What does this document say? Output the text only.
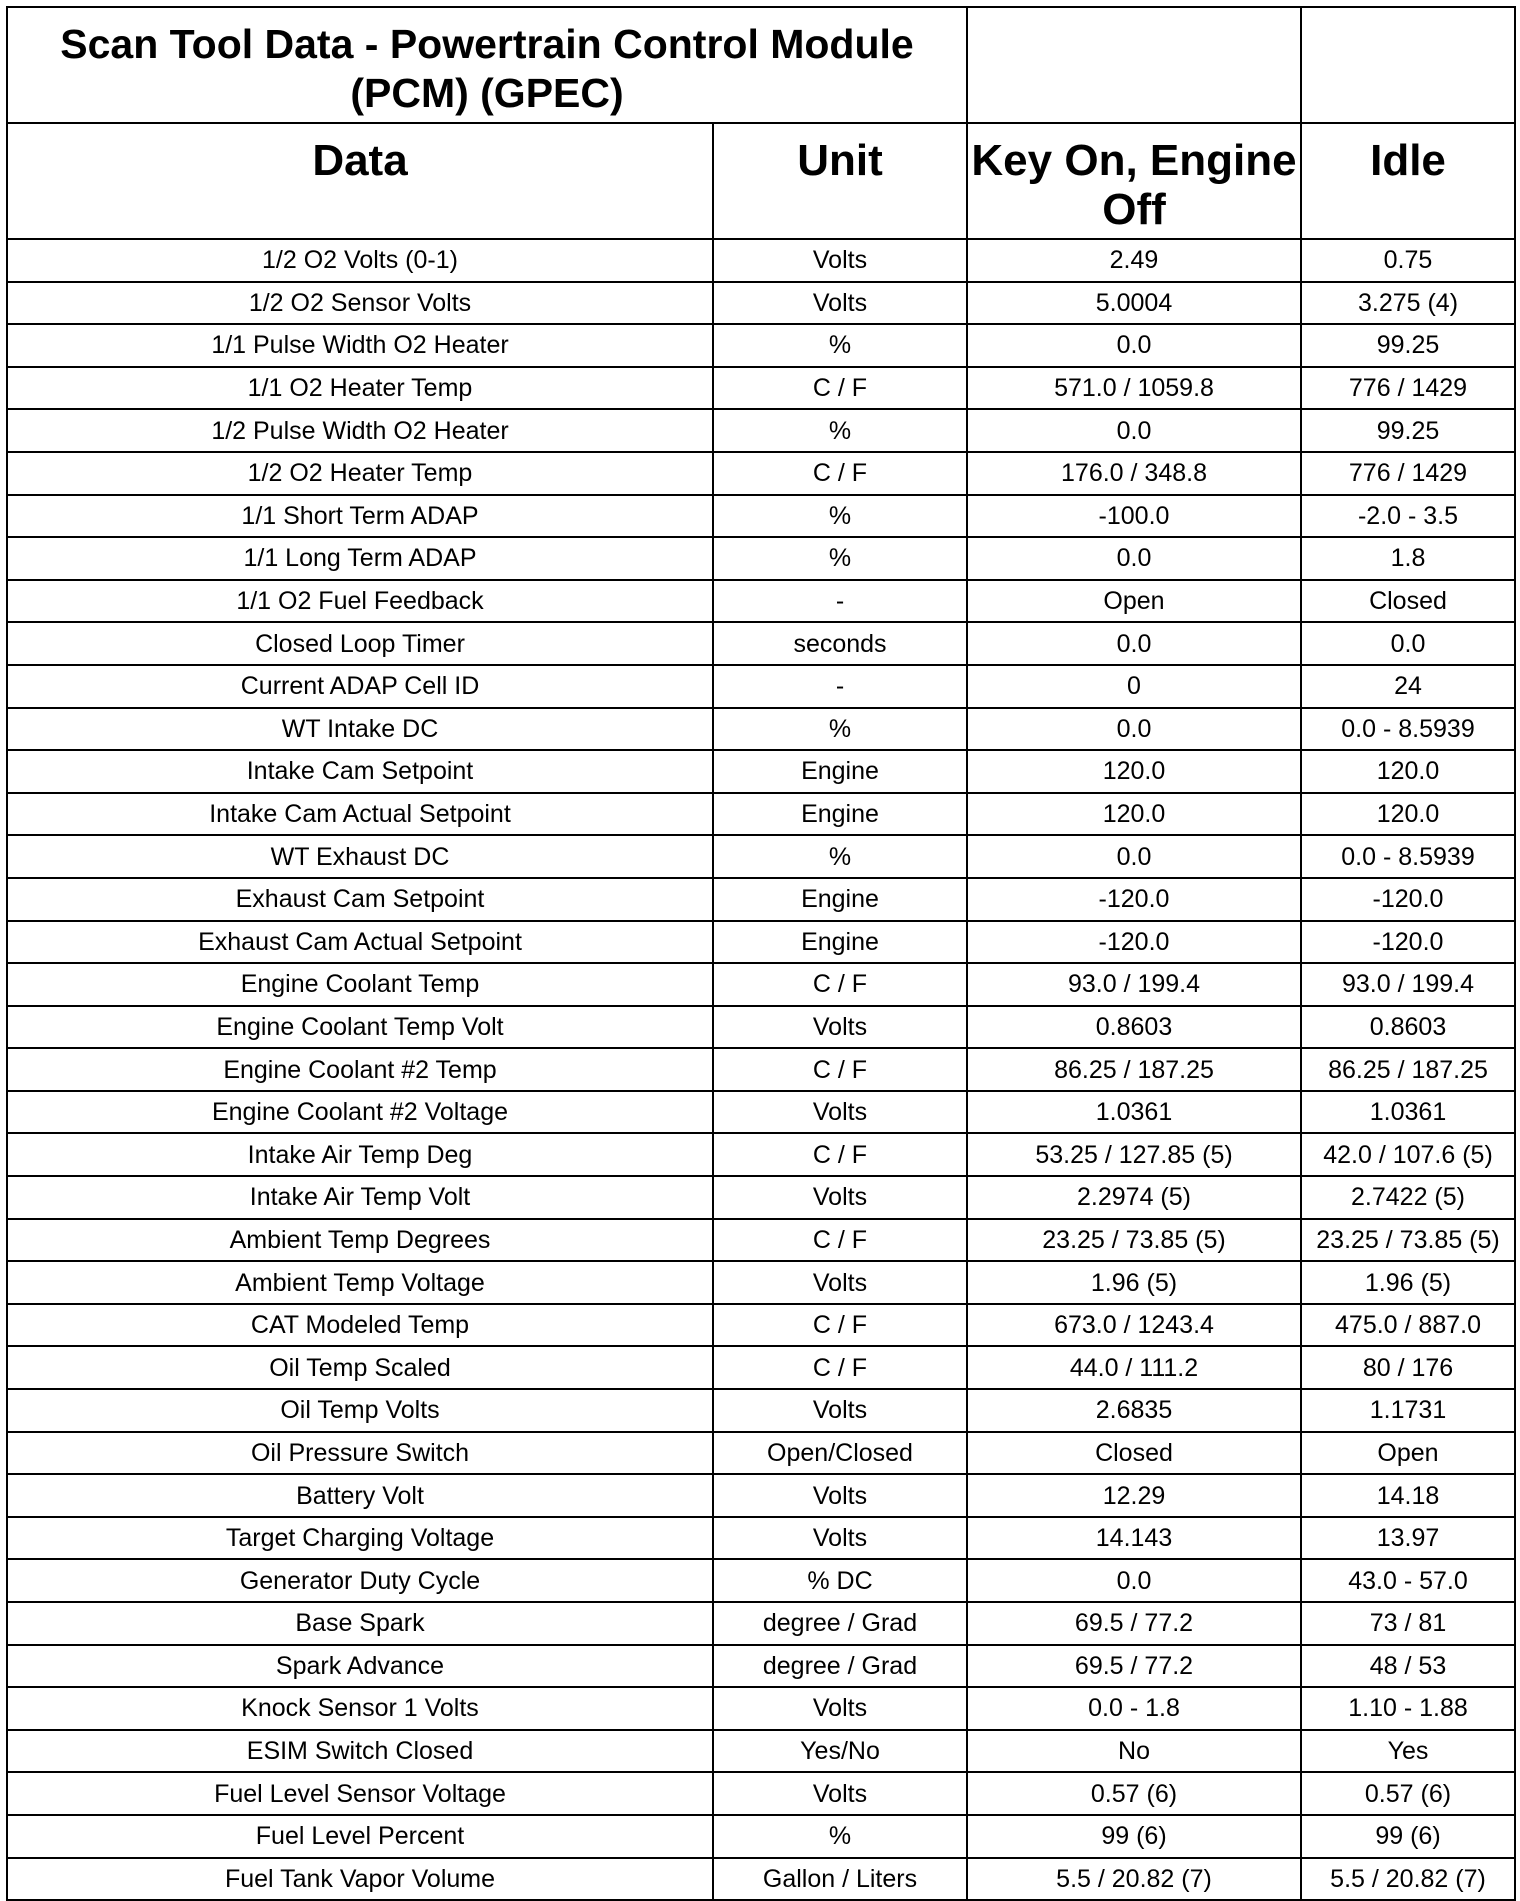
Scan Tool Data - Powertrain Control Module (PCM) (GPEC)			
Data	Unit	Key On, Engine Off	Idle
1/2 O2 Volts (0-1)	Volts	2.49	0.75
1/2 O2 Sensor Volts	Volts	5.0004	3.275 (4)
1/1 Pulse Width O2 Heater	%	0.0	99.25
1/1 O2 Heater Temp	C / F	571.0 / 1059.8	776 / 1429
1/2 Pulse Width O2 Heater	%	0.0	99.25
1/2 O2 Heater Temp	C / F	176.0 / 348.8	776 / 1429
1/1 Short Term ADAP	%	-100.0	-2.0 - 3.5
1/1 Long Term ADAP	%	0.0	1.8
1/1 O2 Fuel Feedback	-	Open	Closed
Closed Loop Timer	seconds	0.0	0.0
Current ADAP Cell ID	-	0	24
WT Intake DC	%	0.0	0.0 - 8.5939
Intake Cam Setpoint	Engine	120.0	120.0
Intake Cam Actual Setpoint	Engine	120.0	120.0
WT Exhaust DC	%	0.0	0.0 - 8.5939
Exhaust Cam Setpoint	Engine	-120.0	-120.0
Exhaust Cam Actual Setpoint	Engine	-120.0	-120.0
Engine Coolant Temp	C / F	93.0 / 199.4	93.0 / 199.4
Engine Coolant Temp Volt	Volts	0.8603	0.8603
Engine Coolant #2 Temp	C / F	86.25 / 187.25	86.25 / 187.25
Engine Coolant #2 Voltage	Volts	1.0361	1.0361
Intake Air Temp Deg	C / F	53.25 / 127.85 (5)	42.0 / 107.6 (5)
Intake Air Temp Volt	Volts	2.2974 (5)	2.7422 (5)
Ambient Temp Degrees	C / F	23.25 / 73.85 (5)	23.25 / 73.85 (5)
Ambient Temp Voltage	Volts	1.96 (5)	1.96 (5)
CAT Modeled Temp	C / F	673.0 / 1243.4	475.0 / 887.0
Oil Temp Scaled	C / F	44.0 / 111.2	80 / 176
Oil Temp Volts	Volts	2.6835	1.1731
Oil Pressure Switch	Open/Closed	Closed	Open
Battery Volt	Volts	12.29	14.18
Target Charging Voltage	Volts	14.143	13.97
Generator Duty Cycle	% DC	0.0	43.0 - 57.0
Base Spark	degree / Grad	69.5 / 77.2	73 / 81
Spark Advance	degree / Grad	69.5 / 77.2	48 / 53
Knock Sensor 1 Volts	Volts	0.0 - 1.8	1.10 - 1.88
ESIM Switch Closed	Yes/No	No	Yes
Fuel Level Sensor Voltage	Volts	0.57 (6)	0.57 (6)
Fuel Level Percent	%	99 (6)	99 (6)
Fuel Tank Vapor Volume	Gallon / Liters	5.5 / 20.82 (7)	5.5 / 20.82 (7)
